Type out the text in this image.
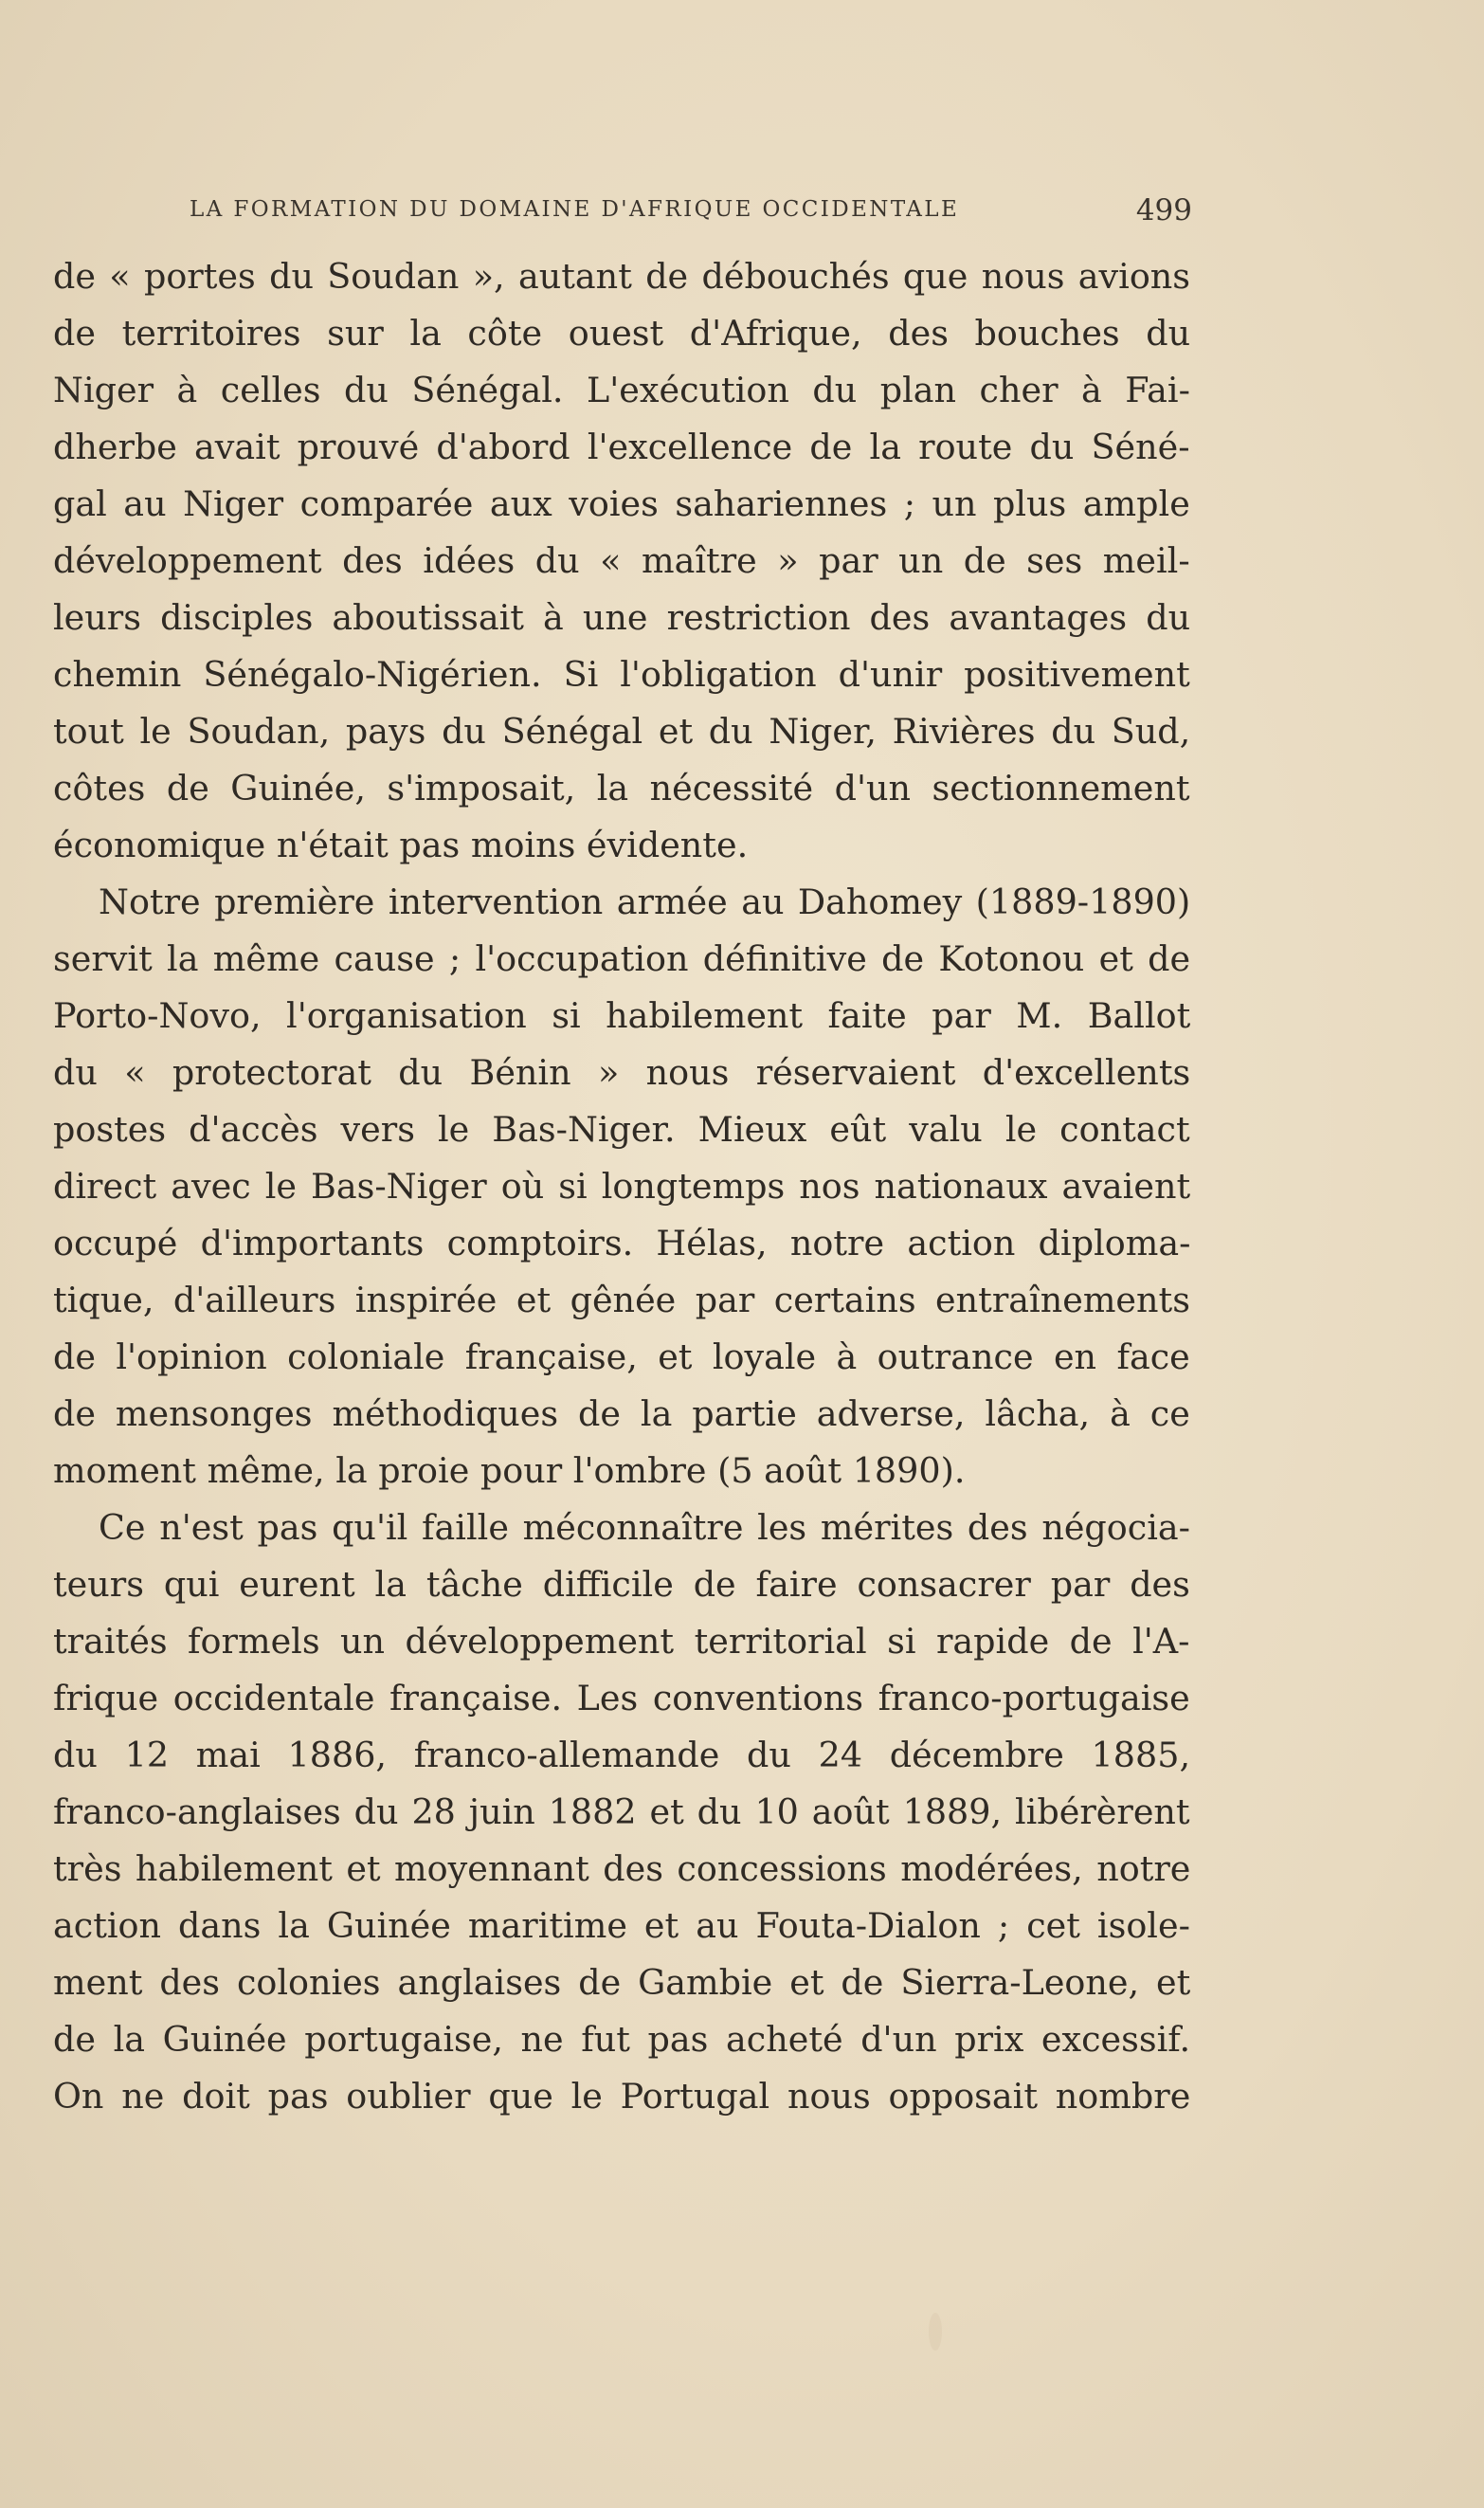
LA FORMATION DU DOMAINE D'AFRIQUE OCCIDENTALE	499
de « portes du Soudan », autant de débouchés que nous avions
de territoires sur la côte ouest d'Afrique, des bouches du
Niger à celles du Sénégal. L'exécution du plan cher à Fai-
dherbe avait prouvé d'abord l'excellence de la route du Séné-
gal au Niger comparée aux voies sahariennes ; un plus ample
développement des idées du « maître » par un de ses meil-
leurs disciples aboutissait à une restriction des avantages du
chemin Sénégalo-Nigérien. Si l'obligation d'unir positivement
tout le Soudan, pays du Sénégal et du Niger, Rivières du Sud,
côtes de Guinée, s'imposait, la nécessité d'un sectionnement
économique n'était pas moins évidente.
Notre première intervention armée au Dahomey (1889-1890)
servit la même cause ; l'occupation définitive de Kotonou et de
Porto-Novo, l'organisation si habilement faite par M. Ballot
du « protectorat du Bénin » nous réservaient d'excellents
postes d'accès vers le Bas-Niger. Mieux eût valu le contact
direct avec le Bas-Niger où si longtemps nos nationaux avaient
occupé d'importants comptoirs. Hélas, notre action diploma-
tique, d'ailleurs inspirée et gênée par certains entraînements
de l'opinion coloniale française, et loyale à outrance en face
de mensonges méthodiques de la partie adverse, lâcha, à ce
moment même, la proie pour l'ombre (5 août 1890).
Ce n'est pas qu'il faille méconnaître les mérites des négocia-
teurs qui eurent la tâche difficile de faire consacrer par des
traités formels un développement territorial si rapide de l'A-
frique occidentale française. Les conventions franco-portugaise
du 12 mai 1886, franco-allemande du 24 décembre 1885,
franco-anglaises du 28 juin 1882 et du 10 août 1889, libérèrent
très habilement et moyennant des concessions modérées, notre
action dans la Guinée maritime et au Fouta-Dialon ; cet isole-
ment des colonies anglaises de Gambie et de Sierra-Leone, et
de la Guinée portugaise, ne fut pas acheté d'un prix excessif.
On ne doit pas oublier que le Portugal nous opposait nombre
